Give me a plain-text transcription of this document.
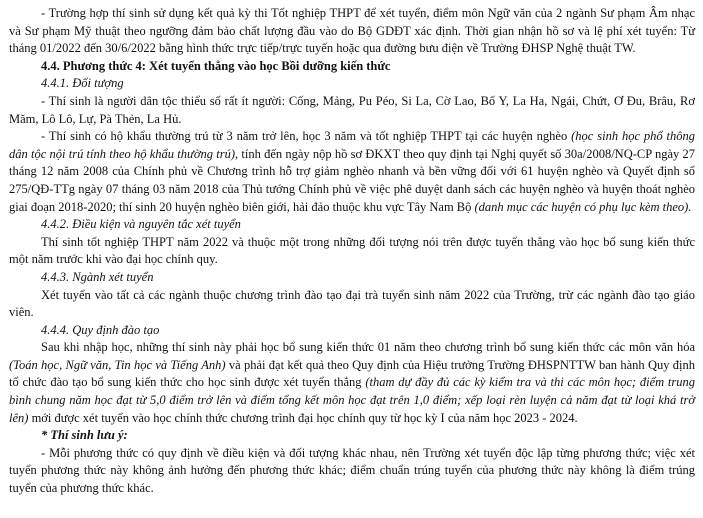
- Trường hợp thí sinh sử dụng kết quả kỳ thi Tốt nghiệp THPT để xét tuyển, điểm môn Ngữ văn của 2 ngành Sư phạm Âm nhạc và Sư phạm Mỹ thuật theo ngưỡng đảm bảo chất lượng đầu vào do Bộ GDĐT xác định. Thời gian nhận hồ sơ và lệ phí xét tuyển: Từ tháng 01/2022 đến 30/6/2022 bằng hình thức trực tiếp/trực tuyến hoặc qua đường bưu điện về Trường ĐHSP Nghệ thuật TW.

4.4. Phương thức 4: Xét tuyển thẳng vào học Bồi dưỡng kiến thức

4.4.1. Đối tượng

- Thí sinh là người dân tộc thiểu số rất ít người: Cống, Mảng, Pu Péo, Si La, Cờ Lao, Bố Y, La Ha, Ngái, Chứt, Ơ Đu, Brâu, Rơ Măm, Lô Lô, Lự, Pà Thẻn, La Hủ.

- Thí sinh có hộ khẩu thường trú từ 3 năm trở lên, học 3 năm và tốt nghiệp THPT tại các huyện nghèo (học sinh học phổ thông dân tộc nội trú tính theo hộ khẩu thường trú), tính đến ngày nộp hồ sơ ĐKXT theo quy định tại Nghị quyết số 30a/2008/NQ-CP ngày 27 tháng 12 năm 2008 của Chính phủ về Chương trình hỗ trợ giảm nghèo nhanh và bền vững đối với 61 huyện nghèo và Quyết định số 275/QĐ-TTg ngày 07 tháng 03 năm 2018 của Thủ tướng Chính phủ về việc phê duyệt danh sách các huyện nghèo và huyện thoát nghèo giai đoạn 2018-2020; thí sinh 20 huyện nghèo biên giới, hải đảo thuộc khu vực Tây Nam Bộ (danh mục các huyện có phụ lục kèm theo).

4.4.2. Điều kiện và nguyên tắc xét tuyển

Thí sinh tốt nghiệp THPT năm 2022 và thuộc một trong những đối tượng nói trên được tuyển thẳng vào học bổ sung kiến thức một năm trước khi vào đại học chính quy.

4.4.3. Ngành xét tuyển

Xét tuyển vào tất cả các ngành thuộc chương trình đào tạo đại trà tuyển sinh năm 2022 của Trường, trừ các ngành đào tạo giáo viên.

4.4.4. Quy định đào tạo

Sau khi nhập học, những thí sinh này phải học bổ sung kiến thức 01 năm theo chương trình bổ sung kiến thức các môn văn hóa (Toán học, Ngữ văn, Tin học và Tiếng Anh) và phải đạt kết quả theo Quy định của Hiệu trưởng Trường ĐHSPNTTW ban hành Quy định tổ chức đào tạo bổ sung kiến thức cho học sinh được xét tuyển thẳng (tham dự đầy đủ các kỳ kiểm tra và thi các môn học; điểm trung bình chung năm học đạt từ 5,0 điểm trở lên và điểm tổng kết môn học đạt trên 1,0 điểm; xếp loại rèn luyện cả năm đạt từ loại khá trở lên) mới được xét tuyển vào học chính thức chương trình đại học chính quy từ học kỳ I của năm học 2023 - 2024.

* Thí sinh lưu ý:

- Mỗi phương thức có quy định về điều kiện và đối tượng khác nhau, nên Trường xét tuyển độc lập từng phương thức; việc xét tuyển phương thức này không ảnh hưởng đến phương thức khác; điểm chuẩn trúng tuyển của phương thức này không là điểm trúng tuyển của phương thức khác.
